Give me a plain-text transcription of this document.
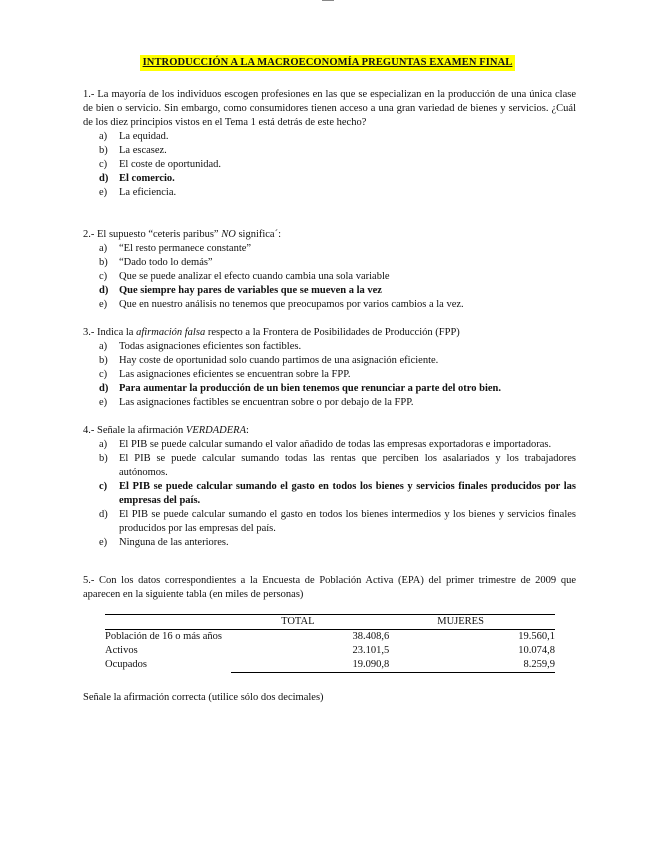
INTRODUCCIÓN A LA MACROECONOMÍA PREGUNTAS EXAMEN FINAL
1.- La mayoría de los individuos escogen profesiones en las que se especializan en la producción de una única clase de bien o servicio. Sin embargo, como consumidores tienen acceso a una gran variedad de bienes y servicios. ¿Cuál de los diez principios vistos en el Tema 1 está detrás de este hecho?
a) La equidad.
b) La escasez.
c) El coste de oportunidad.
d) El comercio.
e) La eficiencia.
2.- El supuesto “ceteris paribus” NO significa´:
a) “El resto permanece constante”
b) “Dado todo lo demás”
c) Que se puede analizar el efecto cuando cambia una sola variable
d) Que siempre hay pares de variables que se mueven a la vez
e) Que en nuestro análisis no tenemos que preocupamos por varios cambios a la vez.
3.- Indica la afirmación falsa respecto a la Frontera de Posibilidades de Producción (FPP)
a) Todas asignaciones eficientes son factibles.
b) Hay coste de oportunidad solo cuando partimos de una asignación eficiente.
c) Las asignaciones eficientes se encuentran sobre la FPP.
d) Para aumentar la producción de un bien tenemos que renunciar a parte del otro bien.
e) Las asignaciones factibles se encuentran sobre o por debajo de la FPP.
4.- Señale la afirmación VERDADERA:
a) El PIB se puede calcular sumando el valor añadido de todas las empresas exportadoras e importadoras.
b) El PIB se puede calcular sumando todas las rentas que perciben los asalariados y los trabajadores autónomos.
c) El PIB se puede calcular sumando el gasto en todos los bienes y servicios finales producidos por las empresas del país.
d) El PIB se puede calcular sumando el gasto en todos los bienes intermedios y los bienes y servicios finales producidos por las empresas del país.
e) Ninguna de las anteriores.
5.- Con los datos correspondientes a la Encuesta de Población Activa (EPA) del primer trimestre de 2009 que aparecen en la siguiente tabla (en miles de personas)
	TOTAL	MUJERES
Población de 16 o más años	38.408,6	19.560,1
Activos	23.101,5	10.074,8
Ocupados	19.090,8	8.259,9
Señale la afirmación correcta (utilice sólo dos decimales)
